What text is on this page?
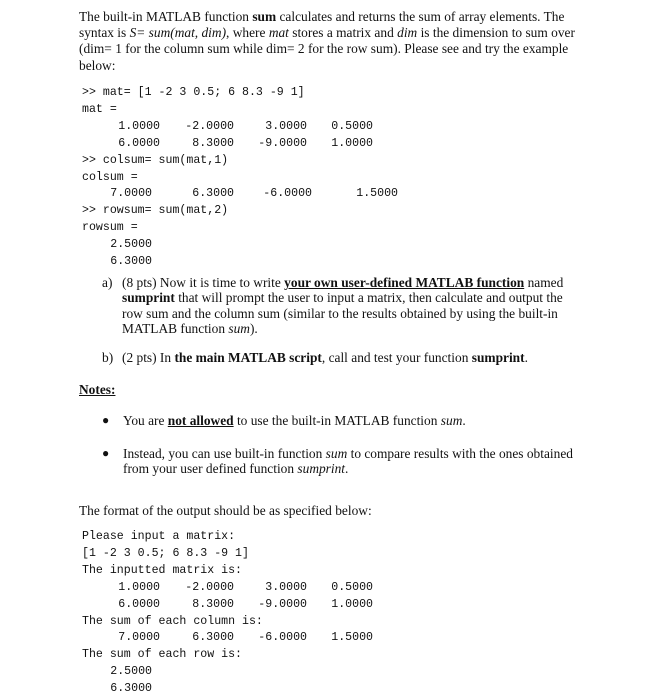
The built-in MATLAB function sum calculates and returns the sum of array elements. The syntax is S= sum(mat, dim), where mat stores a matrix and dim is the dimension to sum over (dim= 1 for the column sum while dim= 2 for the row sum). Please see and try the example below:
>> mat= [1 -2 3 0.5; 6 8.3 -9 1]
mat =
1.0000 -2.0000	3.0000 0.5000
6.0000	8.3000 -9.0000 1.0000
>> colsum= sum(mat,1)
colsum =
7.0000	6.3000	-6.0000	1.5000
>> rowsum= sum(mat,2)
rowsum =
2.5000
6.3000
a) (8 pts) Now it is time to write your own user-defined MATLAB function named sumprint that will prompt the user to input a matrix, then calculate and output the row sum and the column sum (similar to the results obtained by using the built-in MATLAB function sum).
b) (2 pts) In the main MATLAB script, call and test your function sumprint.
Notes:
● You are not allowed to use the built-in MATLAB function sum.
● Instead, you can use built-in function sum to compare results with the ones obtained from your user defined function sumprint.
The format of the output should be as specified below:
Please input a matrix:
[1 -2 3 0.5; 6 8.3 -9 1]
The inputted matrix is:
1.0000 -2.0000	3.0000 0.5000
6.0000	8.3000 -9.0000 1.0000
The sum of each column is:
7.0000	6.3000 -6.0000 1.5000
The sum of each row is:
2.5000
6.3000
